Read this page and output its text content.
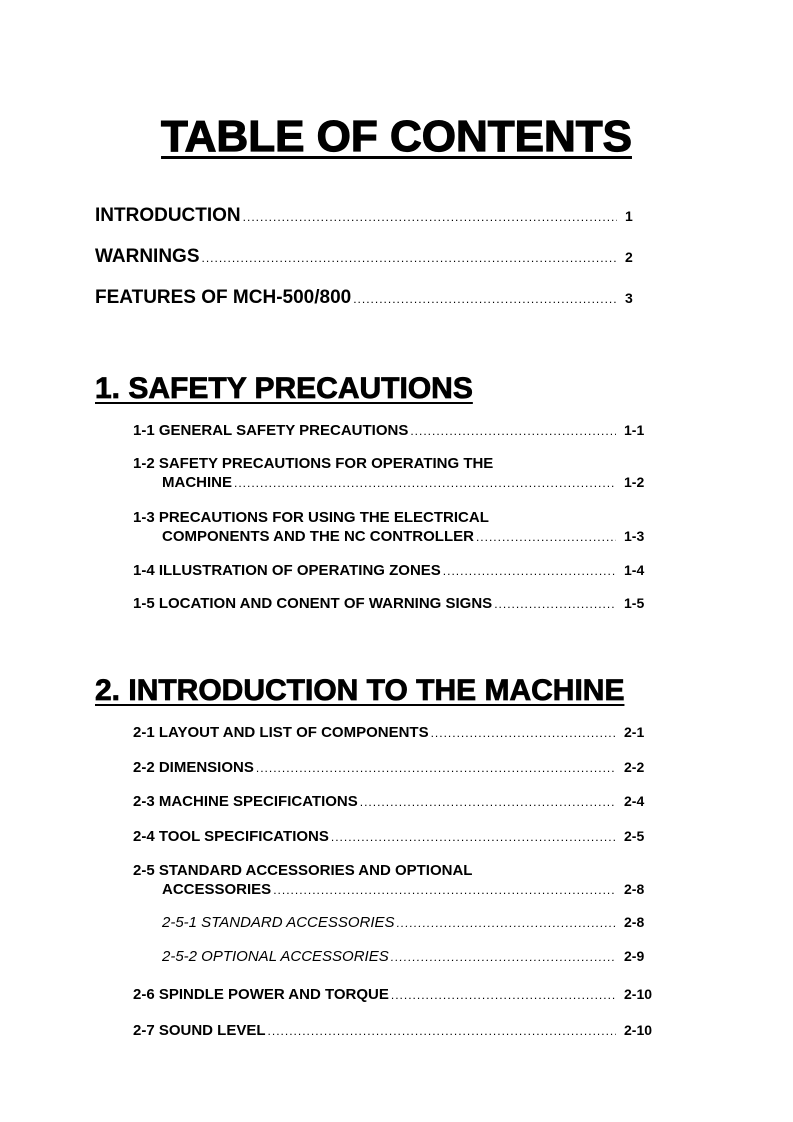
TABLE OF CONTENTS
INTRODUCTION .....	1
WARNINGS .....	2
FEATURES OF MCH-500/800 .....	3
1. SAFETY PRECAUTIONS
1-1 GENERAL SAFETY PRECAUTIONS .....	1-1
1-2 SAFETY PRECAUTIONS FOR OPERATING THE
MACHINE .....	1-2
1-3 PRECAUTIONS FOR USING THE ELECTRICAL
COMPONENTS AND THE NC CONTROLLER .....	1-3
1-4 ILLUSTRATION OF OPERATING ZONES .....	1-4
1-5 LOCATION AND CONENT OF WARNING SIGNS .....	1-5
2. INTRODUCTION TO THE MACHINE
2-1 LAYOUT AND LIST OF COMPONENTS .....	2-1
2-2 DIMENSIONS .....	2-2
2-3 MACHINE SPECIFICATIONS .....	2-4
2-4 TOOL SPECIFICATIONS .....	2-5
2-5 STANDARD ACCESSORIES AND OPTIONAL
ACCESSORIES .....	2-8
2-5-1 STANDARD ACCESSORIES .....	2-8
2-5-2 OPTIONAL ACCESSORIES .....	2-9
2-6 SPINDLE POWER AND TORQUE .....	2-10
2-7 SOUND LEVEL .....	2-10
